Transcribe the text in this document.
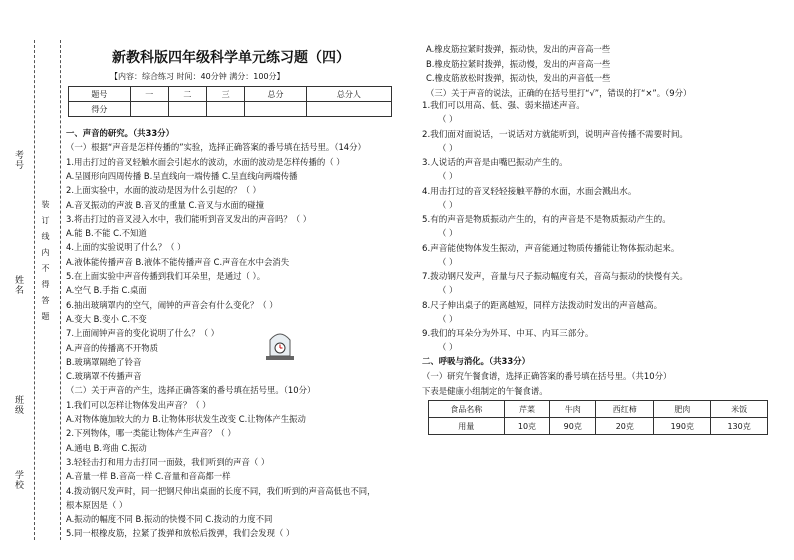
学校
班级
姓名
考号
装订线内不得答题
新教科版四年级科学单元练习题（四）
【内容：综合练习 时间：40分钟 满分：100分】
题号	一	二	三	总分	总分人
得分					
一、声音的研究。（共33分）
（一）根据“声音是怎样传播的”实验，选择正确答案的番号填在括号里。（14分）
1.用击打过的音叉轻触水面会引起水的波动，水面的波动是怎样传播的（ ）
A.呈圆形向四周传播 B.呈直线向一端传播 C.呈直线向两端传播
2.上面实验中，水面的波动是因为什么引起的？（ ）
A.音叉振动的声波 B.音叉的重量 C.音叉与水面的碰撞
3.将击打过的音叉浸入水中，我们能听到音叉发出的声音吗？（ ）
A.能 B.不能 C.不知道
4.上面的实验说明了什么？（ ）
A.液体能传播声音 B.液体不能传播声音 C.声音在水中会消失
5.在上面实验中声音传播到我们耳朵里，是通过（ ）。
A.空气 B.手指 C.桌面
6.抽出玻璃罩内的空气，闹钟的声音会有什么变化？（ ）
A.变大 B.变小 C.不变
7.上面闹钟声音的变化说明了什么？（ ）
A.声音的传播离不开物质
B.玻璃罩隔绝了铃音
C.玻璃罩不传播声音
（二）关于声音的产生，选择正确答案的番号填在括号里。（10分）
1.我们可以怎样让物体发出声音？（ ）
A.对物体施加较大的力 B.让物体形状发生改变 C.让物体产生振动
2.下列物体，哪一类能让物体产生声音？（ ）
A.通电 B.弯曲 C.振动
3.轻轻击打和用力击打同一面鼓，我们听到的声音（ ）
A.音量一样 B.音高一样 C.音量和音高都一样
4.拨动钢尺发声时，同一把钢尺伸出桌面的长度不同，我们听到的声音高低也不同，
根本原因是（ ）
A.振动的幅度不同 B.振动的快慢不同 C.拨动的力度不同
5.同一根橡皮筋，拉紧了拨弹和放松后拨弹，我们会发现（ ）
A.橡皮筋拉紧时拨弹，振动快，发出的声音高一些
B.橡皮筋拉紧时拨弹，振动慢，发出的声音高一些
C.橡皮筋放松时拨弹，振动快，发出的声音低一些
（三）关于声音的说法，正确的在括号里打“√”，错误的打“×”。（9分）
1.我们可以用高、低、强、弱来描述声音。
（ ）
2.我们面对面说话，一说话对方就能听到，说明声音传播不需要时间。
（ ）
3.人说话的声音是由嘴巴振动产生的。
（ ）
4.用击打过的音叉轻轻接触平静的水面，水面会溅出水。
（ ）
5.有的声音是物质振动产生的，有的声音是不是物质振动产生的。
（ ）
6.声音能使物体发生振动，声音能通过物质传播能让物体振动起来。
（ ）
7.拨动钢尺发声，音量与尺子振动幅度有关，音高与振动的快慢有关。
（ ）
8.尺子伸出桌子的距离越短，同样方法拨动时发出的声音越高。
（ ）
9.我们的耳朵分为外耳、中耳、内耳三部分。
（ ）
二、呼吸与消化。（共33分）
（一）研究午餐食谱，选择正确答案的番号填在括号里。（共10分）
下表是健康小组制定的午餐食谱。
食品名称	芹菜	牛肉	西红柿	肥肉	米饭
用量	10克	90克	20克	190克	130克
